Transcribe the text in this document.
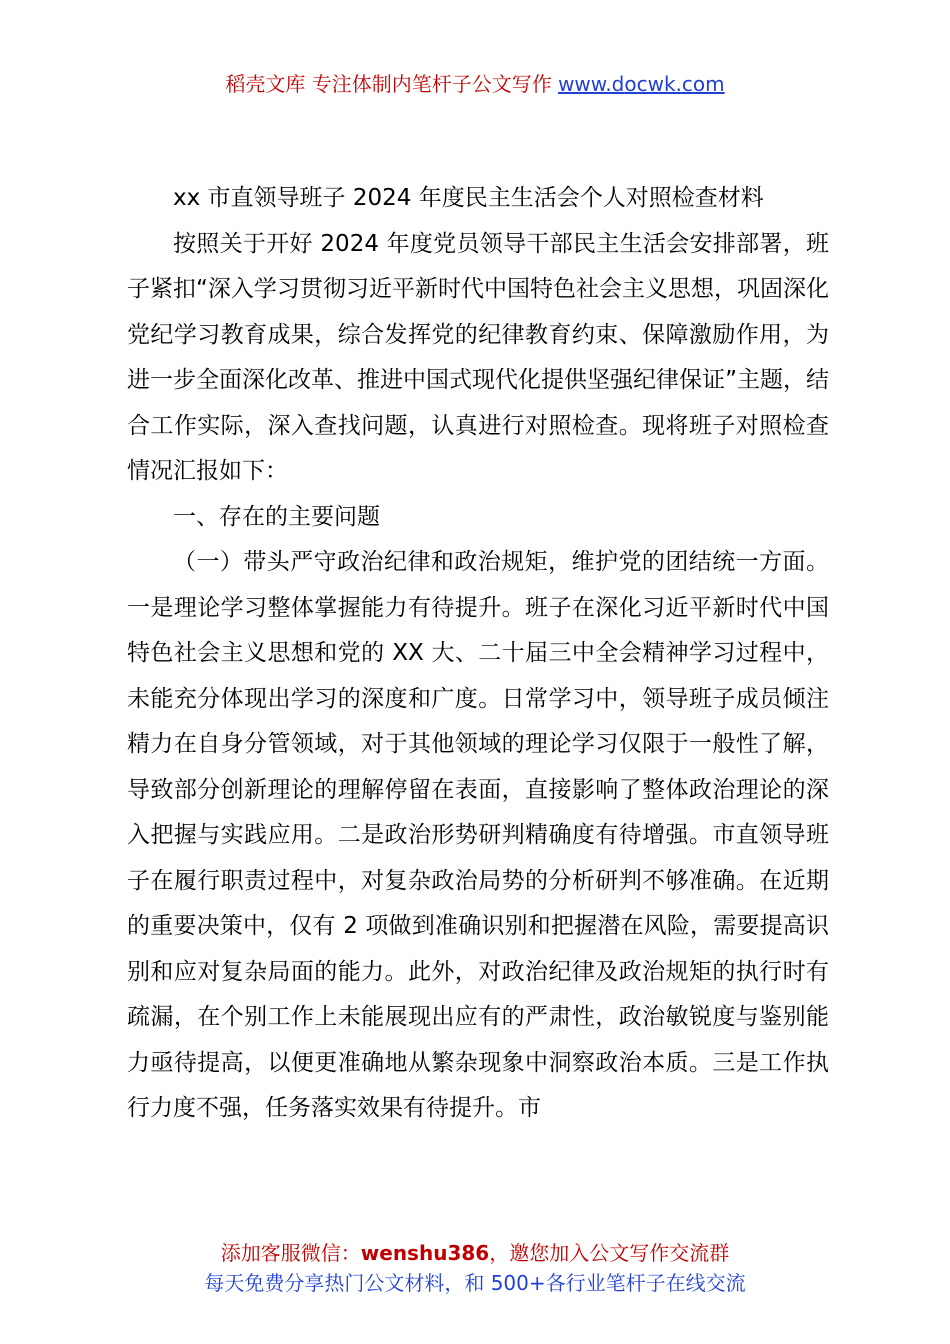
稻壳文库 专注体制内笔杆子公文写作 www.docwk.com

xx 市直领导班子 2024 年度民主生活会个人对照检查材料

按照关于开好 2024 年度党员领导干部民主生活会安排部署，班子紧扣“深入学习贯彻习近平新时代中国特色社会主义思想，巩固深化党纪学习教育成果，综合发挥党的纪律教育约束、保障激励作用，为进一步全面深化改革、推进中国式现代化提供坚强纪律保证”主题，结合工作实际，深入查找问题，认真进行对照检查。现将班子对照检查情况汇报如下：

一、存在的主要问题

（一）带头严守政治纪律和政治规矩，维护党的团结统一方面。一是理论学习整体掌握能力有待提升。班子在深化习近平新时代中国特色社会主义思想和党的 XX 大、二十届三中全会精神学习过程中，未能充分体现出学习的深度和广度。日常学习中，领导班子成员倾注精力在自身分管领域，对于其他领域的理论学习仅限于一般性了解，导致部分创新理论的理解停留在表面，直接影响了整体政治理论的深入把握与实践应用。二是政治形势研判精确度有待增强。市直领导班子在履行职责过程中，对复杂政治局势的分析研判不够准确。在近期的重要决策中，仅有 2 项做到准确识别和把握潜在风险，需要提高识别和应对复杂局面的能力。此外，对政治纪律及政治规矩的执行时有疏漏，在个别工作上未能展现出应有的严肃性，政治敏锐度与鉴别能力亟待提高，以便更准确地从繁杂现象中洞察政治本质。三是工作执行力度不强，任务落实效果有待提升。市

添加客服微信：wenshu386，邀您加入公文写作交流群
每天免费分享热门公文材料，和 500+各行业笔杆子在线交流
